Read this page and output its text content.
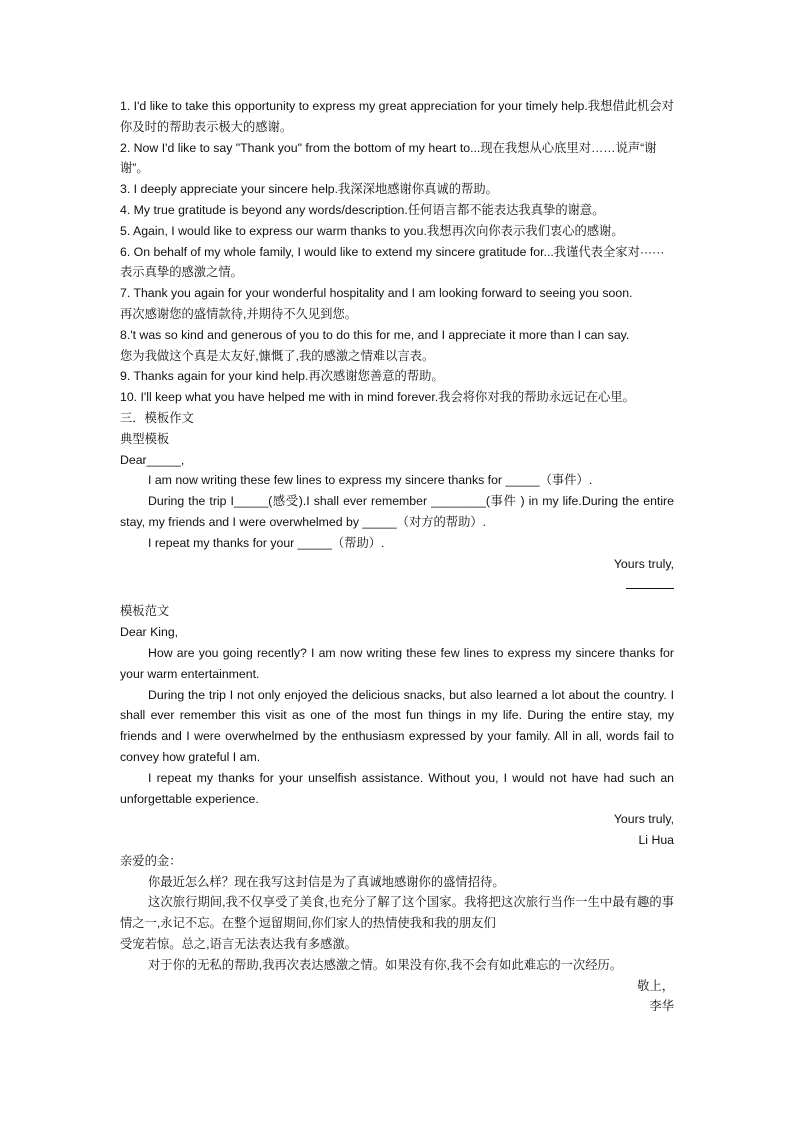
1. I'd like to take this opportunity to express my great appreciation for your timely help.我想借此机会对你及时的帮助表示极大的感谢。

2. Now I'd like to say "Thank you" from the bottom of my heart to...现在我想从心底里对……说声“谢谢”。

3. I deeply appreciate your sincere help.我深深地感谢你真诚的帮助。

4. My true gratitude is beyond any words/description.任何语言都不能表达我真挚的谢意。

5. Again, I would like to express our warm thanks to you.我想再次向你表示我们衷心的感谢。

6. On behalf of my whole family, I would like to extend my sincere gratitude for...我谨代表全家对······表示真挚的感激之情。

7. Thank you again for your wonderful hospitality and I am looking forward to seeing you soon.

再次感谢您的盛情款待,并期待不久见到您。

8.'t was so kind and generous of you to do this for me, and I appreciate it more than I can say.

您为我做这个真是太友好,慷慨了,我的感激之情难以言表。

9. Thanks again for your kind help.再次感谢您善意的帮助。

10. I'll keep what you have helped me with in mind forever.我会将你对我的帮助永远记在心里。

三．模板作文

典型模板

Dear_____,

I am now writing these few lines to express my sincere thanks for _____（事件）.

During the trip I_____(感受).I shall ever remember ________(事件 ) in my life.During the entire stay, my friends and I were overwhelmed by _____（对方的帮助）.

I repeat my thanks for your _____（帮助）.

Yours truly,

模板范文

Dear King,

How are you going recently? I am now writing these few lines to express my sincere thanks for your warm entertainment.

During the trip I not only enjoyed the delicious snacks, but also learned a lot about the country. I shall ever remember this visit as one of the most fun things in my life. During the entire stay, my friends and I were overwhelmed by the enthusiasm expressed by your family. All in all, words fail to convey how grateful I am.

I repeat my thanks for your unselfish assistance. Without you, I would not have had such an unforgettable experience.

Yours truly,

Li Hua

亲爱的金：

你最近怎么样？现在我写这封信是为了真诚地感谢你的盛情招待。

这次旅行期间,我不仅享受了美食,也充分了解了这个国家。我将把这次旅行当作一生中最有趣的事情之一,永记不忘。在整个逗留期间,你们家人的热情使我和我的朋友们

受宠若惊。总之,语言无法表达我有多感激。

对于你的无私的帮助,我再次表达感激之情。如果没有你,我不会有如此难忘的一次经历。

敬上，

李华
